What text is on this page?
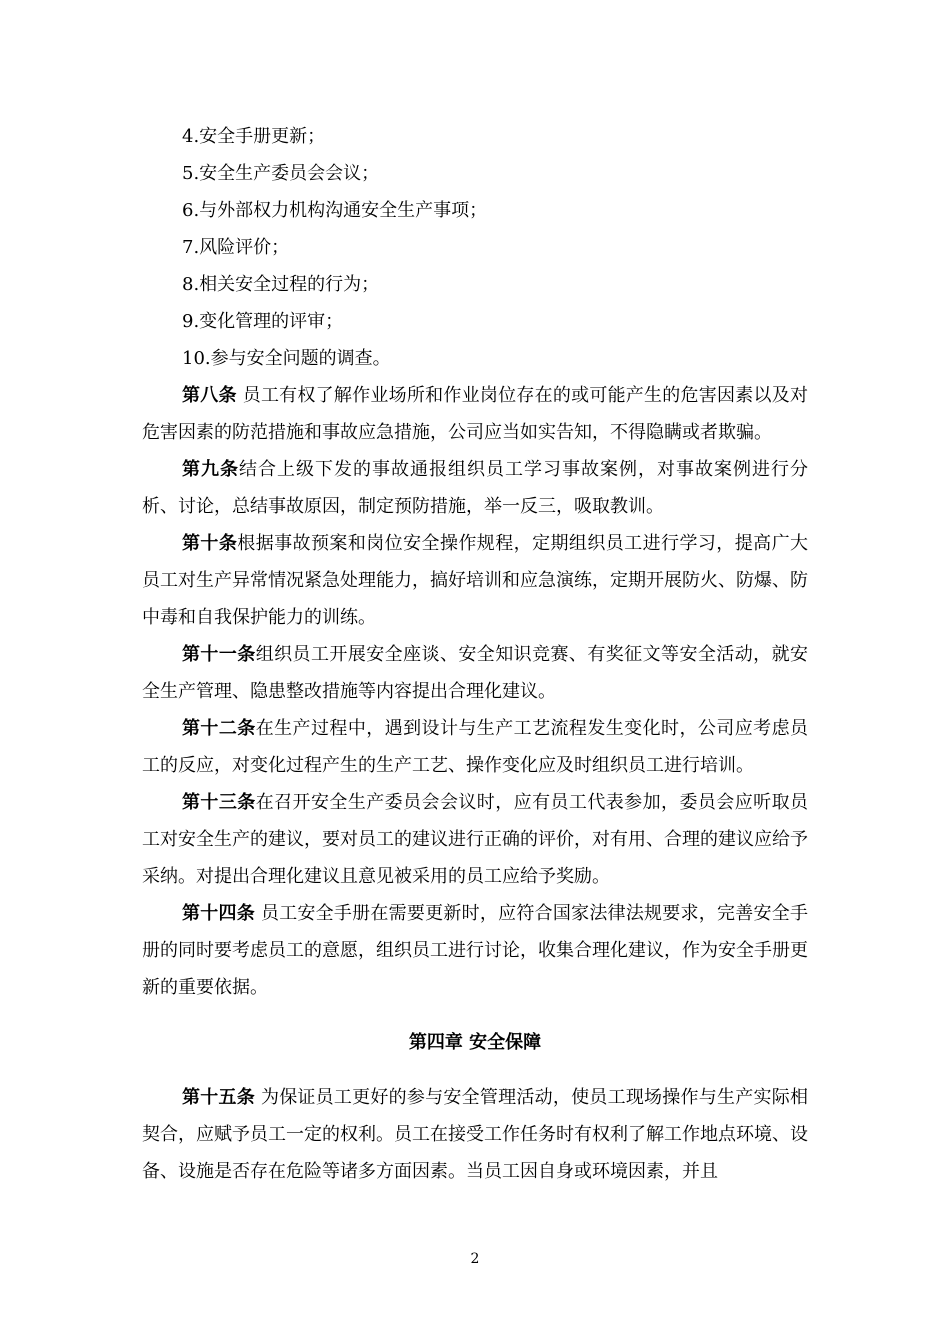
4.安全手册更新；

5.安全生产委员会会议；

6.与外部权力机构沟通安全生产事项；

7.风险评价；

8.相关安全过程的行为；

9.变化管理的评审；

10.参与安全问题的调查。

第八条 员工有权了解作业场所和作业岗位存在的或可能产生的危害因素以及对危害因素的防范措施和事故应急措施，公司应当如实告知，不得隐瞒或者欺骗。

第九条结合上级下发的事故通报组织员工学习事故案例，对事故案例进行分析、讨论，总结事故原因，制定预防措施，举一反三，吸取教训。

第十条根据事故预案和岗位安全操作规程，定期组织员工进行学习，提高广大员工对生产异常情况紧急处理能力，搞好培训和应急演练，定期开展防火、防爆、防中毒和自我保护能力的训练。

第十一条组织员工开展安全座谈、安全知识竞赛、有奖征文等安全活动，就安全生产管理、隐患整改措施等内容提出合理化建议。

第十二条在生产过程中，遇到设计与生产工艺流程发生变化时，公司应考虑员工的反应，对变化过程产生的生产工艺、操作变化应及时组织员工进行培训。

第十三条在召开安全生产委员会会议时，应有员工代表参加，委员会应听取员工对安全生产的建议，要对员工的建议进行正确的评价，对有用、合理的建议应给予采纳。对提出合理化建议且意见被采用的员工应给予奖励。

第十四条 员工安全手册在需要更新时，应符合国家法律法规要求，完善安全手册的同时要考虑员工的意愿，组织员工进行讨论，收集合理化建议，作为安全手册更新的重要依据。

第四章 安全保障

第十五条 为保证员工更好的参与安全管理活动，使员工现场操作与生产实际相契合，应赋予员工一定的权利。员工在接受工作任务时有权利了解工作地点环境、设备、设施是否存在危险等诸多方面因素。当员工因自身或环境因素，并且

2
